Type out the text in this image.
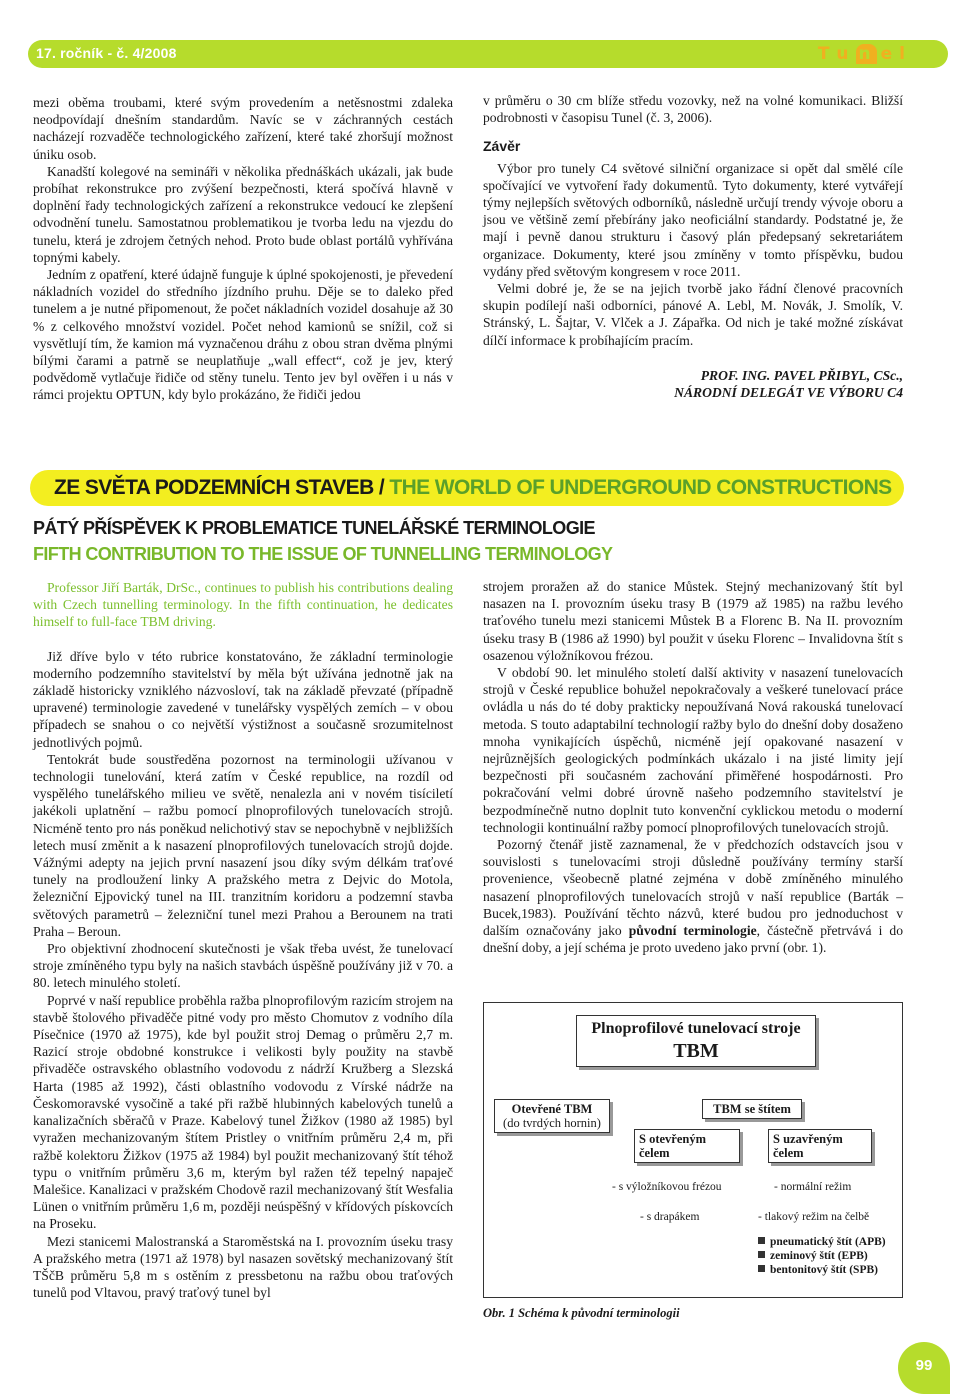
17. ročník - č. 4/2008	T u n e l

mezi oběma troubami, které svým provedením a netěsnostmi zdaleka neodpovídají dnešním standardům. Navíc se v záchranných cestách nacházejí rozvaděče technologického zařízení, které také zhoršují možnost úniku osob.

Kanadští kolegové na semináři v několika přednáškách ukázali, jak bude probíhat rekonstrukce pro zvýšení bezpečnosti, která spočívá hlavně v doplnění řady technologických zařízení a rekonstrukce vedoucí ke zlepšení odvodnění tunelu. Samostatnou problematikou je tvorba ledu na vjezdu do tunelu, která je zdrojem četných nehod. Proto bude oblast portálů vyhřívána topnými kabely.

Jedním z opatření, které údajně funguje k úplné spokojenosti, je převedení nákladních vozidel do středního jízdního pruhu. Děje se to daleko před tunelem a je nutné připomenout, že počet nákladních vozidel dosahuje až 30 % z celkového množství vozidel. Počet nehod kamionů se snížil, což si vysvětlují tím, že kamion má vyznačenou dráhu z obou stran dvěma plnými bílými čarami a patrně se neuplatňuje „wall effect“, což je jev, který podvědomě vytlačuje řidiče od stěny tunelu. Tento jev byl ověřen i u nás v rámci projektu OPTUN, kdy bylo prokázáno, že řidiči jedou

v průměru o 30 cm blíže středu vozovky, než na volné komunikaci. Bližší podrobnosti v časopisu Tunel (č. 3, 2006).

Závěr

Výbor pro tunely C4 světové silniční organizace si opět dal smělé cíle spočívající ve vytvoření řady dokumentů. Tyto dokumenty, které vytvářejí týmy nejlepších světových odborníků, následně určují trendy vývoje oboru a jsou ve většině zemí přebírány jako neoficiální standardy. Podstatné je, že mají i pevně danou strukturu i časový plán předepsaný sekretariátem organizace. Dokumenty, které jsou zmíněny v tomto příspěvku, budou vydány před světovým kongresem v roce 2011.

Velmi dobré je, že se na jejich tvorbě jako řádní členové pracovních skupin podílejí naši odborníci, pánové A. Lebl, M. Novák, J. Smolík, V. Stránský, L. Šajtar, V. Vlček a J. Zápařka. Od nich je také možné získávat dílčí informace k probíhajícím pracím.

PROF. ING. PAVEL PŘIBYL, CSc.,
NÁRODNÍ DELEGÁT VE VÝBORU C4
ZE SVĚTA PODZEMNÍCH STAVEB / THE WORLD OF UNDERGROUND CONSTRUCTIONS
PÁTÝ PŘÍSPĚVEK K PROBLEMATICE TUNELÁŘSKÉ TERMINOLOGIE
FIFTH CONTRIBUTION TO THE ISSUE OF TUNNELLING TERMINOLOGY

Professor Jiří Barták, DrSc., continues to publish his contributions dealing with Czech tunnelling terminology. In the fifth continuation, he dedicates himself to full-face TBM driving.

Již dříve bylo v této rubrice konstatováno, že základní terminologie moderního podzemního stavitelství by měla být užívána jednotně jak na základě historicky vzniklého názvosloví, tak na základě převzaté (případně upravené) terminologie zavedené v tunelářsky vyspělých zemích – v obou případech se snahou o co největší výstižnost a současně srozumitelnost jednotlivých pojmů.

Tentokrát bude soustředěna pozornost na terminologii užívanou v technologii tunelování, která zatím v České republice, na rozdíl od vyspělého tunelářského milieu ve světě, nenalezla ani v novém tisíciletí jakékoli uplatnění – ražbu pomocí plnoprofilových tunelovacích strojů. Nicméně tento pro nás poněkud nelichotivý stav se nepochybně v nejbližších letech musí změnit a k nasazení plnoprofilových tunelovacích strojů dojde. Vážnými adepty na jejich první nasazení jsou díky svým délkám traťové tunely na prodloužení linky A pražského metra z Dejvic do Motola, železniční Ejpovický tunel na III. tranzitním koridoru a podzemní stavba světových parametrů – železniční tunel mezi Prahou a Berounem na trati Praha – Beroun.

Pro objektivní zhodnocení skutečnosti je však třeba uvést, že tunelovací stroje zmíněného typu byly na našich stavbách úspěšně používány již v 70. a 80. letech minulého století.

Poprvé v naší republice proběhla ražba plnoprofilovým razicím strojem na stavbě štolového přivaděče pitné vody pro město Chomutov z vodního díla Písečnice (1970 až 1975), kde byl použit stroj Demag o průměru 2,7 m. Razicí stroje obdobné konstrukce i velikosti byly použity na stavbě přivaděče ostravského oblastního vodovodu z nádrží Kružberg a Slezská Harta (1985 až 1992), části oblastního vodovodu z Vírské nádrže na Českomoravské vysočině a také při ražbě hlubinných kabelových tunelů a kanalizačních sběračů v Praze. Kabelový tunel Žižkov (1980 až 1985) byl vyražen mechanizovaným štítem Pristley o vnitřním průměru 2,4 m, při ražbě kolektoru Žižkov (1975 až 1984) byl použit mechanizovaný štít téhož typu o vnitřním průměru 3,6 m, kterým byl ražen též tepelný napaječ Malešice. Kanalizaci v pražském Chodově razil mechanizovaný štít Wesfalia Lünen o vnitřním průměru 1,6 m, později neúspěšný v křídových pískovcích na Proseku.

Mezi stanicemi Malostranská a Staroměstská na I. provozním úseku trasy A pražského metra (1971 až 1978) byl nasazen sovětský mechanizovaný štít TŠčB průměru 5,8 m s ostěním z pressbetonu na ražbu obou traťových tunelů pod Vltavou, pravý traťový tunel byl

strojem proražen až do stanice Můstek. Stejný mechanizovaný štít byl nasazen na I. provozním úseku trasy B (1979 až 1985) na ražbu levého traťového tunelu mezi stanicemi Můstek B a Florenc B. Na II. provozním úseku trasy B (1986 až 1990) byl použit v úseku Florenc – Invalidovna štít s osazenou výložníkovou frézou.

V období 90. let minulého století další aktivity v nasazení tunelovacích strojů v České republice bohužel nepokračovaly a veškeré tunelovací práce ovládla u nás do té doby prakticky nepoužívaná Nová rakouská tunelovací metoda. S touto adaptabilní technologií ražby bylo do dnešní doby dosaženo mnoha vynikajících úspěchů, nicméně její opakované nasazení v nejrůznějších geologických podmínkách ukázalo i na jisté limity její bezpečnosti při současném zachování přiměřené hospodárnosti. Pro pokračování velmi dobré úrovně našeho podzemního stavitelství je bezpodmínečně nutno doplnit tuto konvenční cyklickou metodu o moderní technologii kontinuální ražby pomocí plnoprofilových tunelovacích strojů.

Pozorný čtenář jistě zaznamenal, že v předchozích odstavcích jsou v souvislosti s tunelovacími stroji důsledně používány termíny starší provenience, všeobecně platné zejména v době zmíněného minulého nasazení plnoprofilových tunelovacích strojů v naší republice (Barták – Bucek,1983). Používání těchto názvů, které budou pro jednoduchost v dalším označovány jako původní terminologie, částečně přetrvává i do dnešní doby, a její schéma je proto uvedeno jako první (obr. 1).

Plnoprofilové tunelovací stroje
TBM
Otevřené TBM
(do tvrdých hornin)
TBM se štítem
S otevřeným
čelem
S uzavřeným
čelem
- s výložníkovou frézou	- normální režim
- s drapákem	- tlakový režim na čelbě
pneumatický štít (APB)
zeminový štít (EPB)
bentonitový štít (SPB)
Obr. 1 Schéma k původní terminologii
99
